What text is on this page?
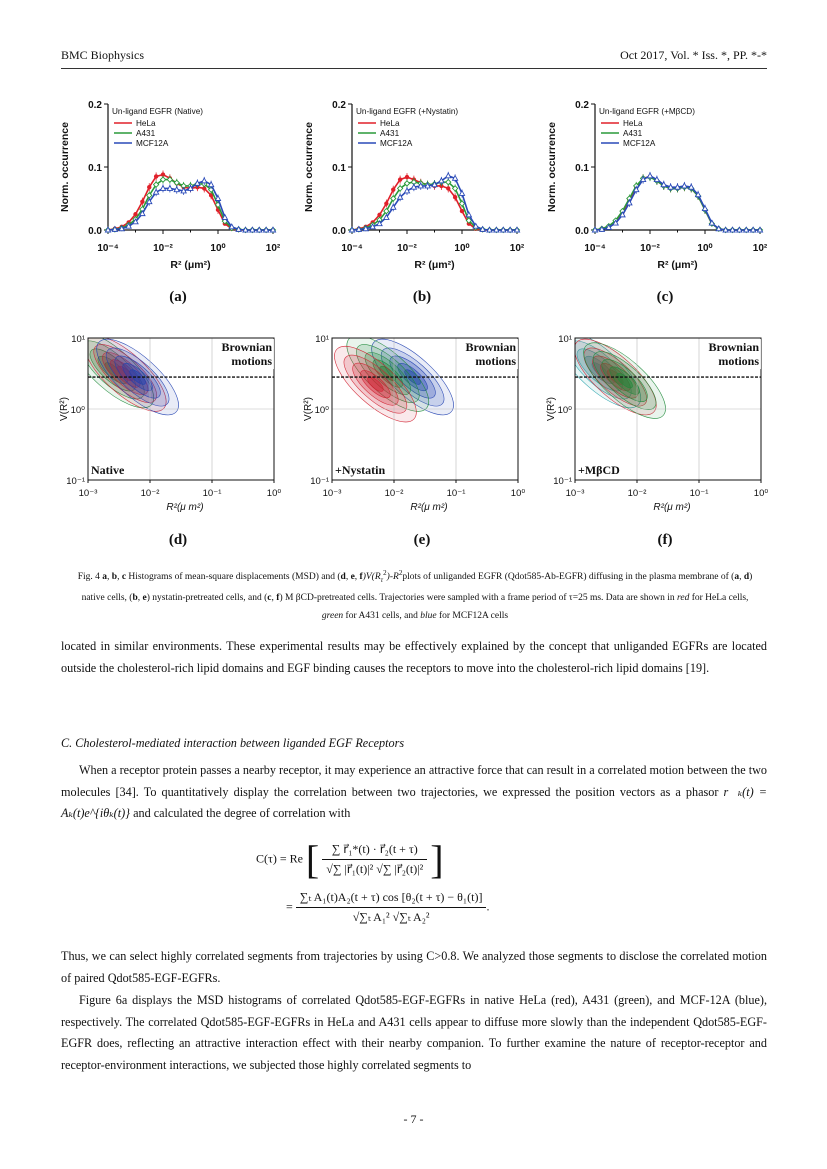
BMC Biophysics	Oct 2017, Vol. * Iss. *, PP. *-*
0.0
0.1
0.2
10⁻⁴	10⁻²	10⁰	10²
Norm. occurrence
R² (μm²)
Un-ligand EGFR (Native)
HeLa
A431
MCF12A
(a)
0.0
0.1
0.2
10⁻⁴	10⁻²	10⁰	10²
Norm. occurrence
R² (μm²)
Un-ligand EGFR (+Nystatin)
HeLa
A431
MCF12A
(b)
0.0
0.1
0.2
10⁻⁴	10⁻²	10⁰	10²
Norm. occurrence
R² (μm²)
Un-ligand EGFR (+MβCD)
HeLa
A431
MCF12A
(c)
Brownian
motions
Native
10⁻³	10⁻²	10⁻¹	10⁰
10⁻¹
10⁰
10¹
V(R²)
R²(μ m²)
(d)
Brownian
motions
+Nystatin
10⁻³	10⁻²	10⁻¹	10⁰
10⁻¹
10⁰
10¹
V(R²)
R²(μ m²)
(e)
Brownian
motions
+MβCD
10⁻³	10⁻²	10⁻¹	10⁰
10⁻¹
10⁰
10¹
V(R²)
R²(μ m²)
(f)
Fig. 4 a, b, c Histograms of mean-square displacements (MSD) and (d, e, $f)V(R_\tau^2)-R^2plots$ of unliganded EGFR (Qdot585-Ab-EGFR) diffusing in the plasma membrane of (a, d) native cells, (b, e) nystatin-pretreated cells, and (c, f) M βCD-pretreated cells. Trajectories were sampled with a frame period of τ=25 ms. Data are shown in red for HeLa cells, green for A431 cells, and blue for MCF12A cells
located in similar environments. These experimental results may be effectively explained by the concept that unliganded EGFRs are located outside the cholesterol-rich lipid domains and EGF binding causes the receptors to move into the cholesterol-rich lipid domains [19].
C. Cholesterol-mediated interaction between liganded EGF Receptors
When a receptor protein passes a nearby receptor, it may experience an attractive force that can result in a correlated motion between the two molecules [34]. To quantitatively display the correlation between two trajectories, we expressed the position vectors as a phasor r⃗ₖ(t) = Aₖ(t)e^{iθₖ(t)} and calculated the degree of correlation with
C(τ) = Re [ $\frac{\text{∑ r⃗₁*(t) · r⃗₂(t + τ)}}{\text{√∑ |r⃗₁(t)|² √∑ |r⃗₂(t)|²}}$ ]
= $\frac{\text{∑ₜ A₁(t)A₂(t + τ) cos [θ₂(t + τ) − θ₁(t)]}}{\text{√∑ₜ A₁² √∑ₜ A₂²}}$ .
Thus, we can select highly correlated segments from trajectories by using C>0.8. We analyzed those segments to disclose the correlated motion of paired Qdot585-EGF-EGFRs.
Figure 6a displays the MSD histograms of correlated Qdot585-EGF-EGFRs in native HeLa (red), A431 (green), and MCF-12A (blue), respectively. The correlated Qdot585-EGF-EGFRs in HeLa and A431 cells appear to diffuse more slowly than the independent Qdot585-EGF-EGFR does, reflecting an attractive interaction effect with their nearby companion. To further examine the nature of receptor-receptor and receptor-environment interactions, we subjected those highly correlated segments to
- 7 -
